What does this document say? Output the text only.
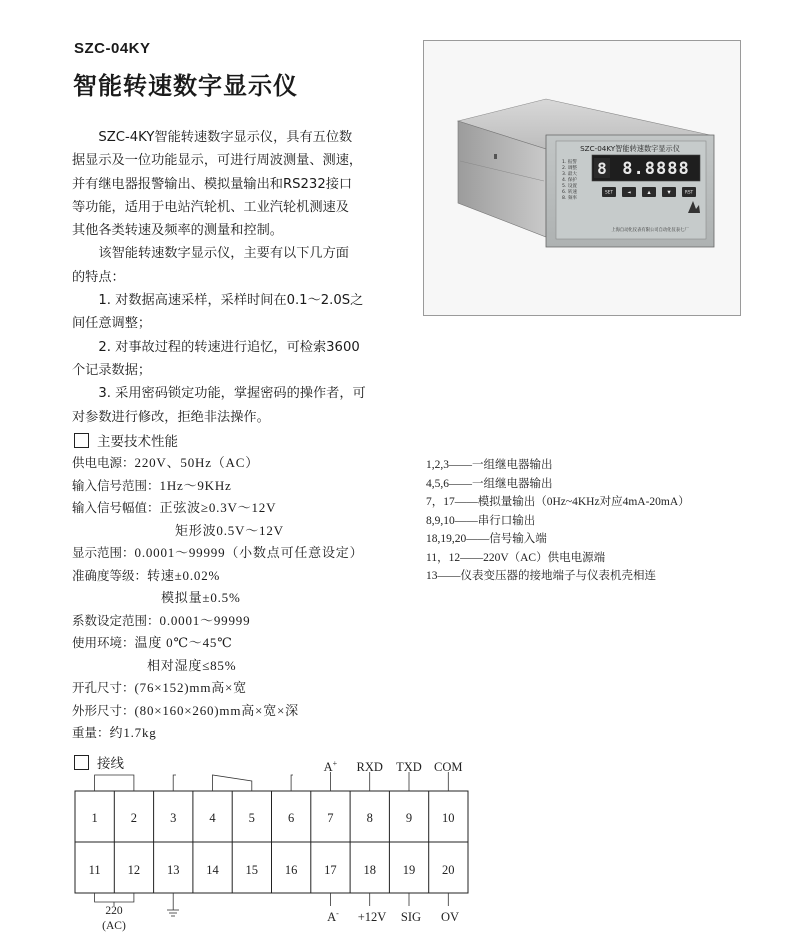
SZC-04KY
智能转速数字显示仪

SZC-4KY智能转速数字显示仪，具有五位数

据显示及一位功能显示，可进行周波测量、测速，

并有继电器报警输出、模拟量输出和RS232接口

等功能，适用于电站汽轮机、工业汽轮机测速及

其他各类转速及频率的测量和控制。

该智能转速数字显示仪，主要有以下几方面

的特点：

1. 对数据高速采样，采样时间在0.1～2.0S之

间任意调整；

2. 对事故过程的转速进行追忆，可检索3600

个记录数据；

3. 采用密码锁定功能，掌握密码的操作者，可

对参数进行修改，拒绝非法操作。

SZC-04KY智能转速数字显示仪
8 8.8888
1. 报警
2. 调整
3. 最大
4. 保护
5. 设置
6. 转速
8. 频率
SET	◄	▲	▼	RST
上海自动化仪表有限公司自动化仪表七厂
主要技术性能
供电电源：220V、50Hz（AC）
输入信号范围：1Hz～9KHz
输入信号幅值：正弦波≥0.3V～12V
矩形波0.5V～12V
显示范围：0.0001～99999（小数点可任意设定）
准确度等级：转速±0.02%
模拟量±0.5%
系数设定范围：0.0001～99999
使用环境：温度 0℃～45℃
相对湿度≤85%
开孔尺寸：(76×152)mm高×宽
外形尺寸：(80×160×260)mm高×宽×深
重量：约1.7kg
1,2,3——一组继电器输出
4,5,6——一组继电器输出
7，17——模拟量输出（0Hz~4KHz对应4mA-20mA）
8,9,10——串行口输出
18,19,20——信号输入端
11，12——220V（AC）供电电源端
13——仪表变压器的接地端子与仪表机壳相连
接线
1	2	3	4	5	6	7	8	9 10
11 12 13 14 15 16 17 18 19 20
A+ RXD TXD COM
A- +12V SIG OV
220
(AC)
